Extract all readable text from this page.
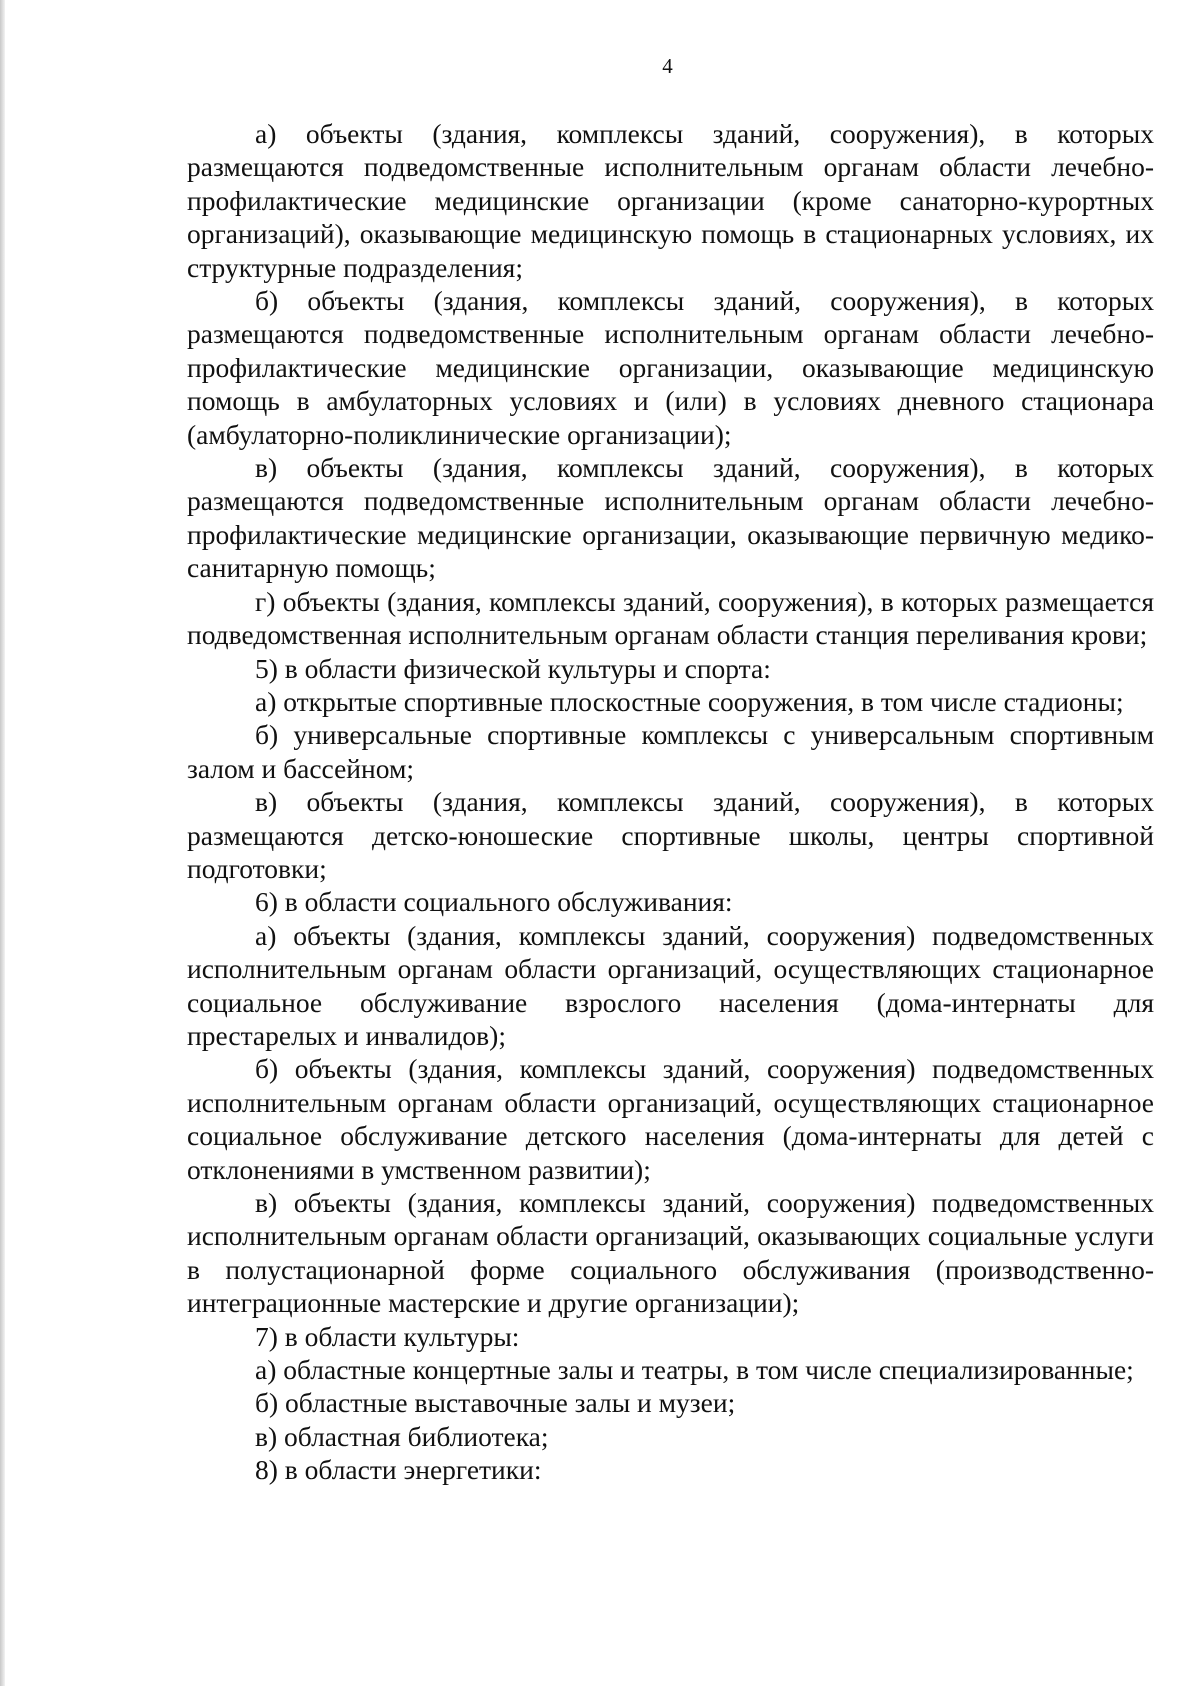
4

а) объекты (здания, комплексы зданий, сооружения), в которых размещаются подведомственные исполнительным органам области лечебно-профилактические медицинские организации (кроме санаторно-курортных организаций), оказывающие медицинскую помощь в стационарных условиях, их структурные подразделения;

б) объекты (здания, комплексы зданий, сооружения), в которых размещаются подведомственные исполнительным органам области лечебно-профилактические медицинские организации, оказывающие медицинскую помощь в амбулаторных условиях и (или) в условиях дневного стационара (амбулаторно-поликлинические организации);

в) объекты (здания, комплексы зданий, сооружения), в которых размещаются подведомственные исполнительным органам области лечебно-профилактические медицинские организации, оказывающие первичную медико-санитарную помощь;

г) объекты (здания, комплексы зданий, сооружения), в которых размещается подведомственная исполнительным органам области станция переливания крови;

5) в области физической культуры и спорта:

а) открытые спортивные плоскостные сооружения, в том числе стадионы;

б) универсальные спортивные комплексы с универсальным спортивным залом и бассейном;

в) объекты (здания, комплексы зданий, сооружения), в которых размещаются детско-юношеские спортивные школы, центры спортивной подготовки;

6) в области социального обслуживания:

а) объекты (здания, комплексы зданий, сооружения) подведомственных исполнительным органам области организаций, осуществляющих стационарное социальное обслуживание взрослого населения (дома-интернаты для престарелых и инвалидов);

б) объекты (здания, комплексы зданий, сооружения) подведомственных исполнительным органам области организаций, осуществляющих стационарное социальное обслуживание детского населения (дома-интернаты для детей с отклонениями в умственном развитии);

в) объекты (здания, комплексы зданий, сооружения) подведомственных исполнительным органам области организаций, оказывающих социальные услуги в полустационарной форме социального обслуживания (производственно-интеграционные мастерские и другие организации);

7) в области культуры:

а) областные концертные залы и театры, в том числе специализированные;

б) областные выставочные залы и музеи;

в) областная библиотека;

8) в области энергетики:
